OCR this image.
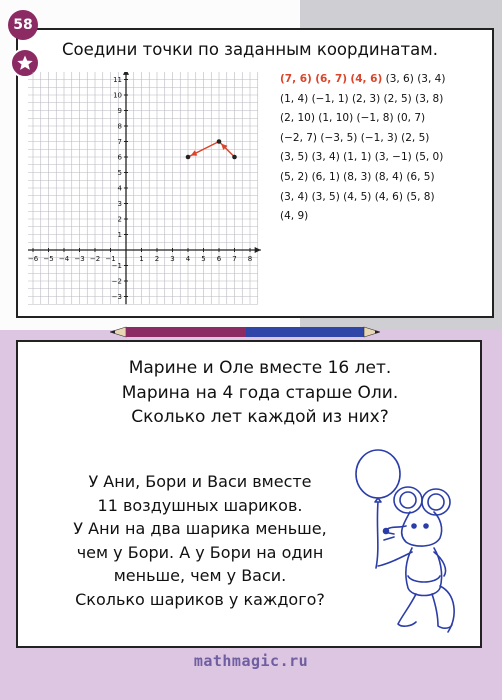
58
Соедини точки по заданным координатам.
−6 −5 −4 −3 −2 −1	1 2 3 4 5 6 7 8
11
10
9
8
7
6
5
4
3
2
1
−1
−2
−3
(7, 6) (6, 7) (4, 6) (3, 6) (3, 4)
(1, 4) (−1, 1) (2, 3) (2, 5) (3, 8)
(2, 10) (1, 10) (−1, 8) (0, 7)
(−2, 7) (−3, 5) (−1, 3) (2, 5)
(3, 5) (3, 4) (1, 1) (3, −1) (5, 0)
(5, 2) (6, 1) (8, 3) (8, 4) (6, 5)
(3, 4) (3, 5) (4, 5) (4, 6) (5, 8)
(4, 9)
Марине и Оле вместе 16 лет.
Марина на 4 года старше Оли.
Сколько лет каждой из них?
У Ани, Бори и Васи вместе
11 воздушных шариков.
У Ани на два шарика меньше,
чем у Бори. А у Бори на один
меньше, чем у Васи.
Сколько шариков у каждого?
mathmagic.ru
